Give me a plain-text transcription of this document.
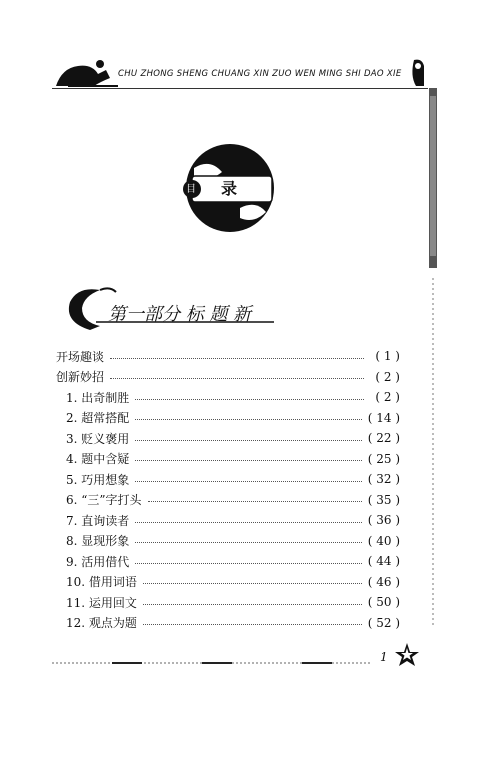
CHU ZHONG SHENG CHUANG XIN ZUO WEN MING SHI DAO XIE
目 录
第一部分 标 题 新
开场趣谈	( 1 )
创新妙招	( 2 )
1. 出奇制胜	( 2 )
2. 超常搭配	( 14 )
3. 贬义褒用	( 22 )
4. 题中含疑	( 25 )
5. 巧用想象	( 32 )
6. “三”字打头	( 35 )
7. 直询读者	( 36 )
8. 显现形象	( 40 )
9. 活用借代	( 44 )
10. 借用词语	( 46 )
11. 运用回文	( 50 )
12. 观点为题	( 52 )
1
